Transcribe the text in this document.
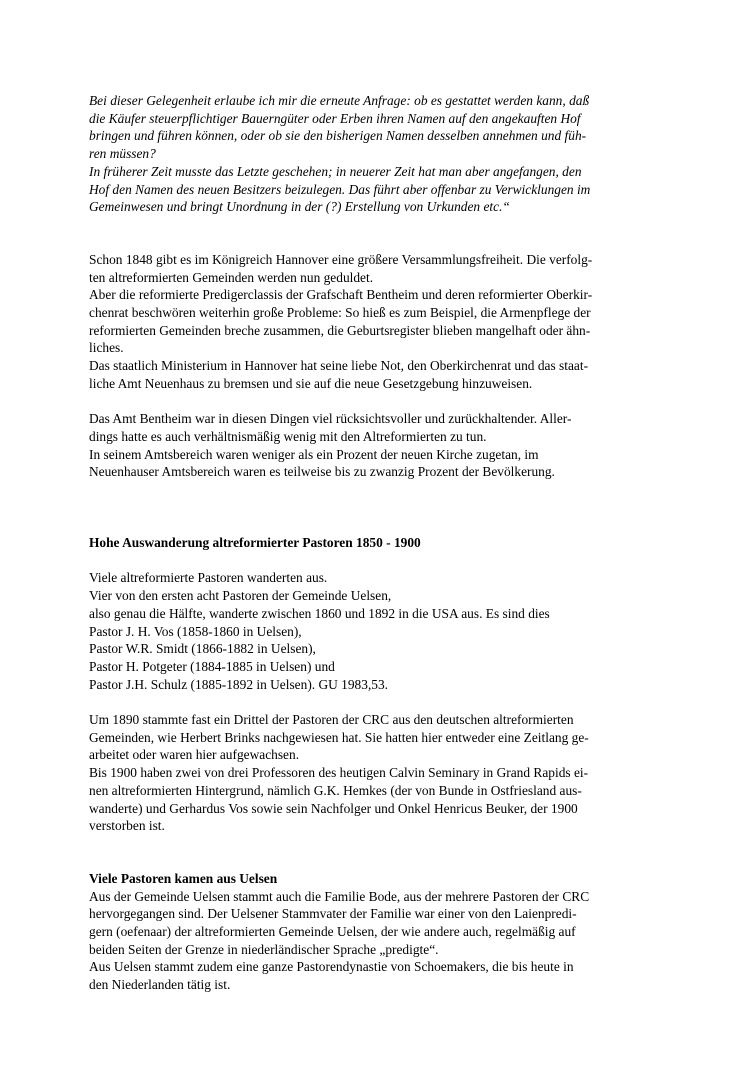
Bei dieser Gelegenheit erlaube ich mir die erneute Anfrage: ob es gestattet werden kann, daß
die Käufer steuerpflichtiger Bauerngüter oder Erben ihren Namen auf den angekauften Hof
bringen und führen können, oder ob sie den bisherigen Namen desselben annehmen und füh-
ren müssen?
In früherer Zeit musste das Letzte geschehen; in neuerer Zeit hat man aber angefangen, den
Hof den Namen des neuen Besitzers beizulegen. Das führt aber offenbar zu Verwicklungen im
Gemeinwesen und bringt Unordnung in der (?) Erstellung von Urkunden etc.“
Schon 1848 gibt es im Königreich Hannover eine größere Versammlungsfreiheit. Die verfolg-
ten altreformierten Gemeinden werden nun geduldet.
Aber die reformierte Predigerclassis der Grafschaft Bentheim und deren reformierter Oberkir-
chenrat beschwören weiterhin große Probleme: So hieß es zum Beispiel, die Armenpflege der
reformierten Gemeinden breche zusammen, die Geburtsregister blieben mangelhaft oder ähn-
liches.
Das staatlich Ministerium in Hannover hat seine liebe Not, den Oberkirchenrat und das staat-
liche Amt Neuenhaus zu bremsen und sie auf die neue Gesetzgebung hinzuweisen.
Das Amt Bentheim war in diesen Dingen viel rücksichtsvoller und zurückhaltender. Aller-
dings hatte es auch verhältnismäßig wenig mit den Altreformierten zu tun.
In seinem Amtsbereich waren weniger als ein Prozent der neuen Kirche zugetan, im
Neuenhauser Amtsbereich waren es teilweise bis zu zwanzig Prozent der Bevölkerung.
Hohe Auswanderung altreformierter Pastoren 1850 - 1900
Viele altreformierte Pastoren wanderten aus.
Vier von den ersten acht Pastoren der Gemeinde Uelsen,
also genau die Hälfte, wanderte zwischen 1860 und 1892 in die USA aus. Es sind dies
Pastor J. H. Vos (1858-1860 in Uelsen),
Pastor W.R. Smidt (1866-1882 in Uelsen),
Pastor H. Potgeter (1884-1885 in Uelsen) und
Pastor J.H. Schulz (1885-1892 in Uelsen). GU 1983,53.
Um 1890 stammte fast ein Drittel der Pastoren der CRC aus den deutschen altreformierten
Gemeinden, wie Herbert Brinks nachgewiesen hat. Sie hatten hier entweder eine Zeitlang ge-
arbeitet oder waren hier aufgewachsen.
Bis 1900 haben zwei von drei Professoren des heutigen Calvin Seminary in Grand Rapids ei-
nen altreformierten Hintergrund, nämlich G.K. Hemkes (der von Bunde in Ostfriesland aus-
wanderte) und Gerhardus Vos sowie sein Nachfolger und Onkel Henricus Beuker, der 1900
verstorben ist.
Viele Pastoren kamen aus Uelsen
Aus der Gemeinde Uelsen stammt auch die Familie Bode, aus der mehrere Pastoren der CRC
hervorgegangen sind. Der Uelsener Stammvater der Familie war einer von den Laienpredi-
gern (oefenaar) der altreformierten Gemeinde Uelsen, der wie andere auch, regelmäßig auf
beiden Seiten der Grenze in niederländischer Sprache „predigte“.
Aus Uelsen stammt zudem eine ganze Pastorendynastie von Schoemakers, die bis heute in
den Niederlanden tätig ist.
